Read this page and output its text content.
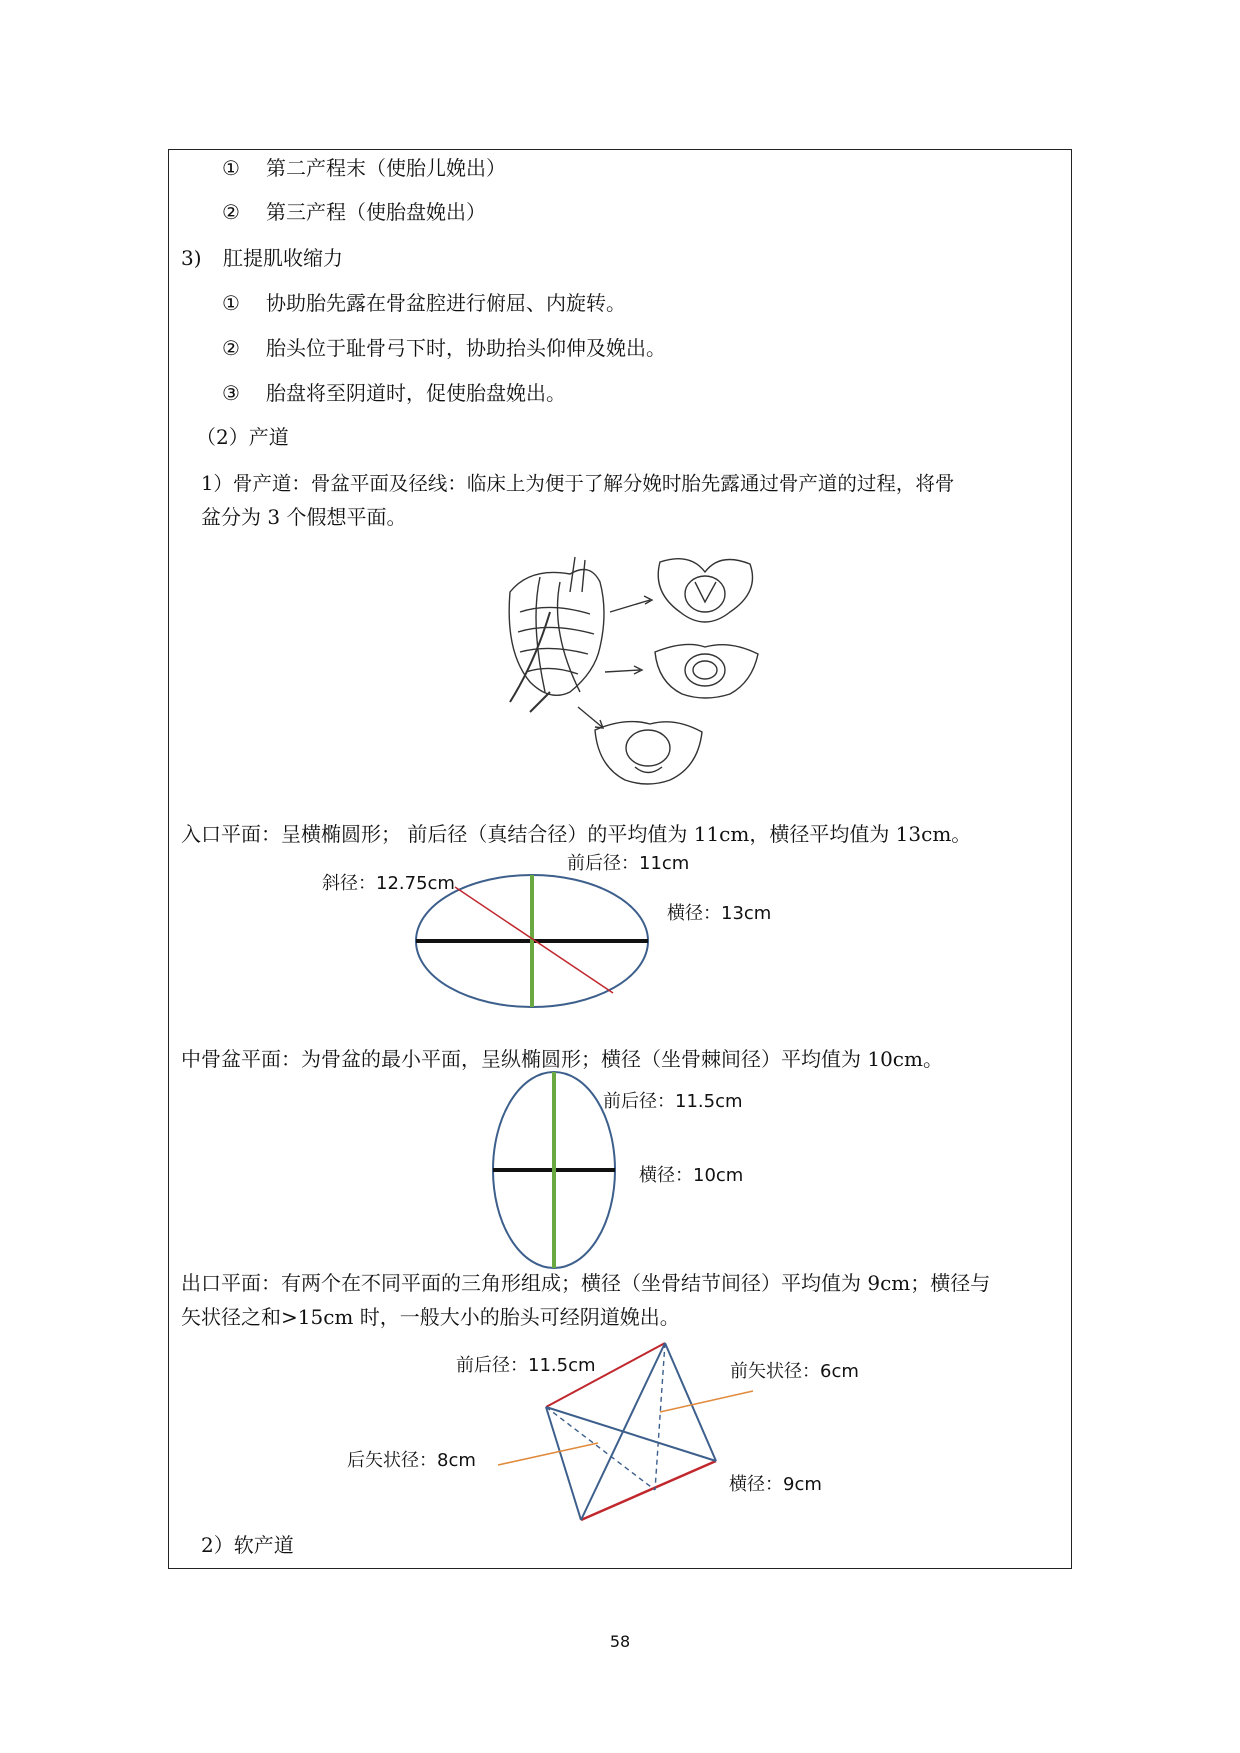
① 第二产程末（使胎儿娩出）
② 第三产程（使胎盘娩出）
3) 肛提肌收缩力
① 协助胎先露在骨盆腔进行俯屈、内旋转。
② 胎头位于耻骨弓下时，协助抬头仰伸及娩出。
③ 胎盘将至阴道时，促使胎盘娩出。
（2）产道
1）骨产道：骨盆平面及径线：临床上为便于了解分娩时胎先露通过骨产道的过程，将骨
盆分为 3 个假想平面。
入口平面：呈横椭圆形； 前后径（真结合径）的平均值为 11cm，横径平均值为 13cm。
斜径：12.75cm
前后径：11cm
横径：13cm
中骨盆平面：为骨盆的最小平面，呈纵椭圆形；横径（坐骨棘间径）平均值为 10cm。
前后径：11.5cm
横径：10cm
出口平面：有两个在不同平面的三角形组成；横径（坐骨结节间径）平均值为 9cm；横径与
矢状径之和>15cm 时，一般大小的胎头可经阴道娩出。
前后径：11.5cm	前矢状径：6cm
后矢状径：8cm
横径：9cm
2）软产道
58
